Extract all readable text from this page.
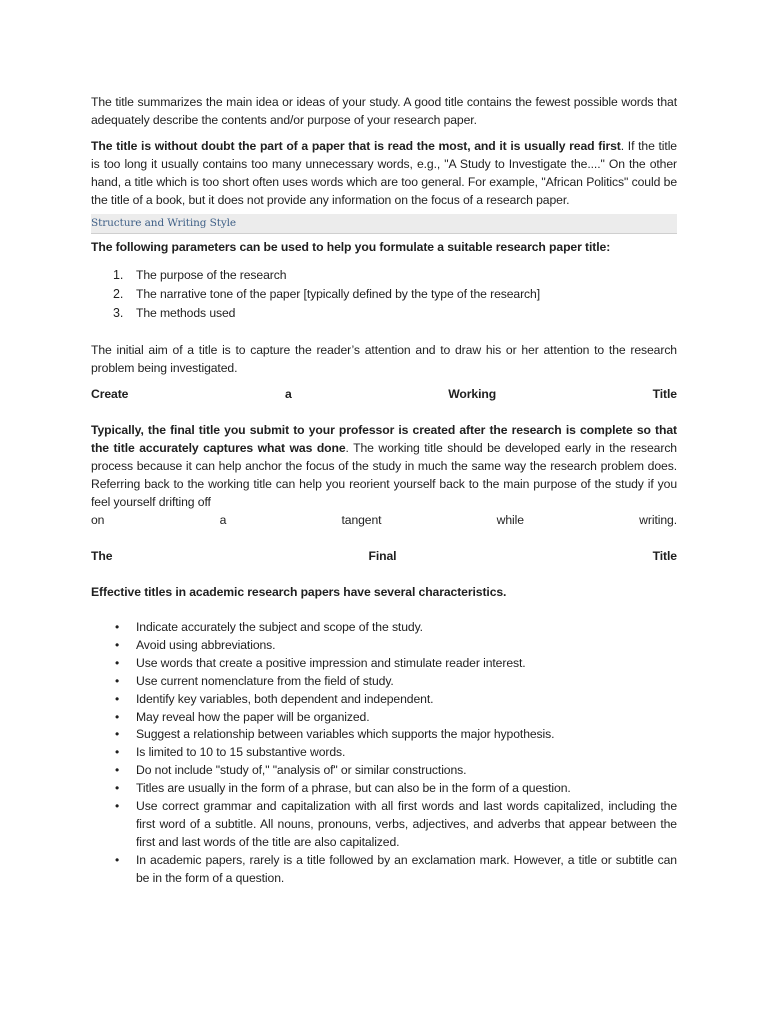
The title summarizes the main idea or ideas of your study. A good title contains the fewest possible words that adequately describe the contents and/or purpose of your research paper.

The title is without doubt the part of a paper that is read the most, and it is usually read first. If the title is too long it usually contains too many unnecessary words, e.g., "A Study to Investigate the...." On the other hand, a title which is too short often uses words which are too general. For example, "African Politics" could be the title of a book, but it does not provide any information on the focus of a research paper.

Structure and Writing Style

The following parameters can be used to help you formulate a suitable research paper title:

1.	The purpose of the research
2.	The narrative tone of the paper [typically defined by the type of the research]
3.	The methods used

The initial aim of a title is to capture the reader’s attention and to draw his or her attention to the research problem being investigated.

Create	a	Working	Title

Typically, the final title you submit to your professor is created after the research is complete so that the title accurately captures what was done. The working title should be developed early in the research process because it can help anchor the focus of the study in much the same way the research problem does. Referring back to the working title can help you reorient yourself back to the main purpose of the study if you feel yourself drifting off

on	a	tangent	while	writing.
The	Final	Title

Effective titles in academic research papers have several characteristics.

• Indicate accurately the subject and scope of the study.
• Avoid using abbreviations.
• Use words that create a positive impression and stimulate reader interest.
• Use current nomenclature from the field of study.
• Identify key variables, both dependent and independent.
• May reveal how the paper will be organized.
• Suggest a relationship between variables which supports the major hypothesis.
• Is limited to 10 to 15 substantive words.
• Do not include "study of," "analysis of" or similar constructions.
• Titles are usually in the form of a phrase, but can also be in the form of a question.
• Use correct grammar and capitalization with all first words and last words capitalized, including the first word of a subtitle. All nouns, pronouns, verbs, adjectives, and adverbs that appear between the first and last words of the title are also capitalized.
• In academic papers, rarely is a title followed by an exclamation mark. However, a title or subtitle can be in the form of a question.
